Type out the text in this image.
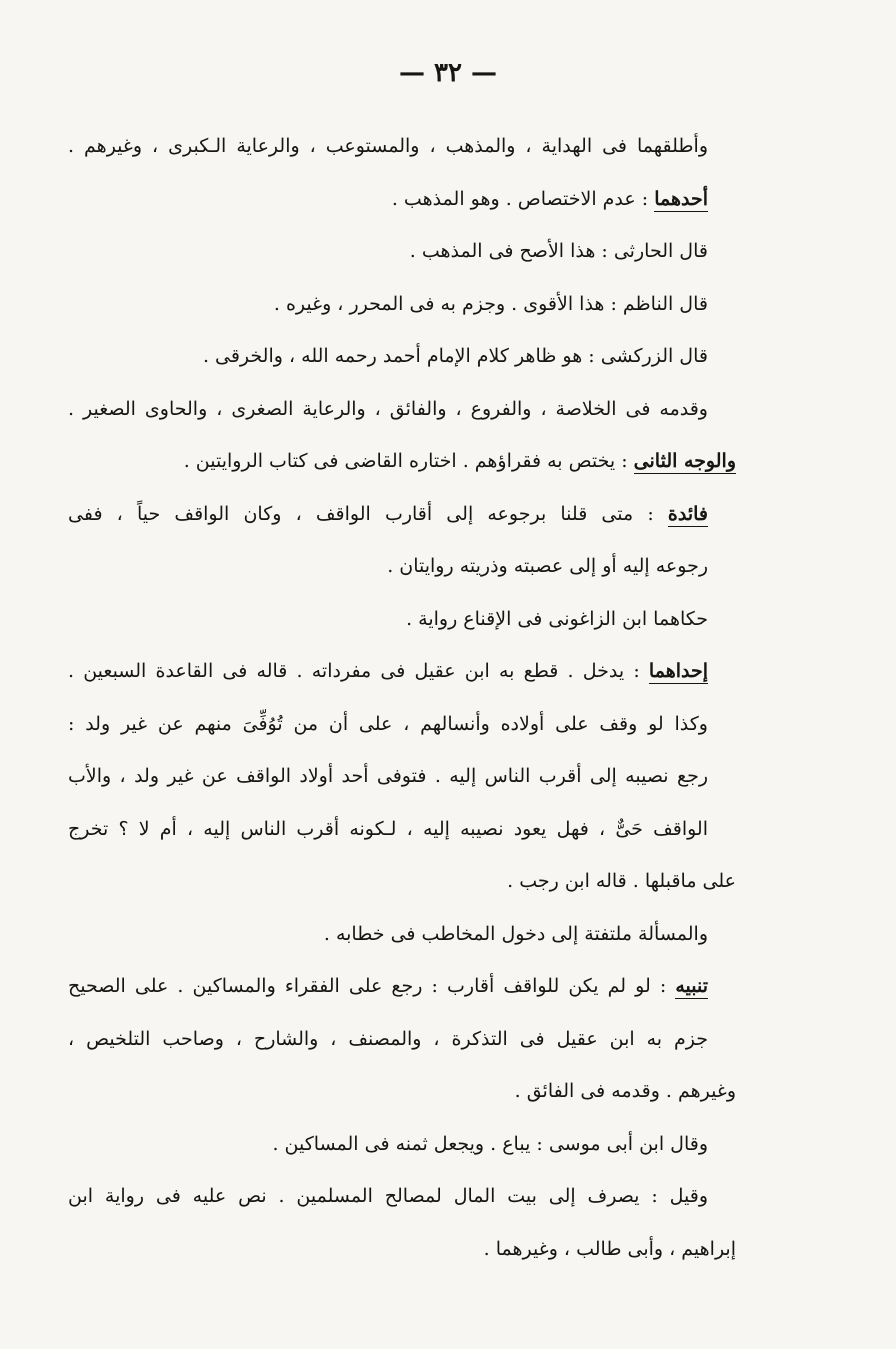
— ٣٢ —
وأطلقهما فى الهداية ، والمذهب ، والمستوعب ، والرعاية الـكبرى ، وغيرهم .
أحدهما : عدم الاختصاص . وهو المذهب .
قال الحارثى : هذا الأصح فى المذهب .
قال الناظم : هذا الأقوى . وجزم به فى المحرر ، وغيره .
قال الزركشى : هو ظاهر كلام الإمام أحمد رحمه الله ، والخرقى .
وقدمه فى الخلاصة ، والفروع ، والفائق ، والرعاية الصغرى ، والحاوى الصغير .
والوجه الثانى : يختص به فقراؤهم . اختاره القاضى فى كتاب الروايتين .
فائدة : متى قلنا برجوعه إلى أقارب الواقف ، وكان الواقف حياً ، ففى
رجوعه إليه أو إلى عصبته وذريته روايتان .
حكاهما ابن الزاغونى فى الإقناع رواية .
إحداهما : يدخل . قطع به ابن عقيل فى مفرداته . قاله فى القاعدة السبعين .
وكذا لو وقف على أولاده وأنسالهم ، على أن من تُوُفِّىَ منهم عن غير ولد :
رجع نصيبه إلى أقرب الناس إليه . فتوفى أحد أولاد الواقف عن غير ولد ، والأب
الواقف حَىٌّ ، فهل يعود نصيبه إليه ، لـكونه أقرب الناس إليه ، أم لا ؟ تخرج
على ماقبلها . قاله ابن رجب .
والمسألة ملتفتة إلى دخول المخاطب فى خطابه .
تنبيه : لو لم يكن للواقف أقارب : رجع على الفقراء والمساكين . على الصحيح
جزم به ابن عقيل فى التذكرة ، والمصنف ، والشارح ، وصاحب التلخيص ،
وغيرهم . وقدمه فى الفائق .
وقال ابن أبى موسى : يباع . ويجعل ثمنه فى المساكين .
وقيل : يصرف إلى بيت المال لمصالح المسلمين . نص عليه فى رواية ابن
إبراهيم ، وأبى طالب ، وغيرهما .
